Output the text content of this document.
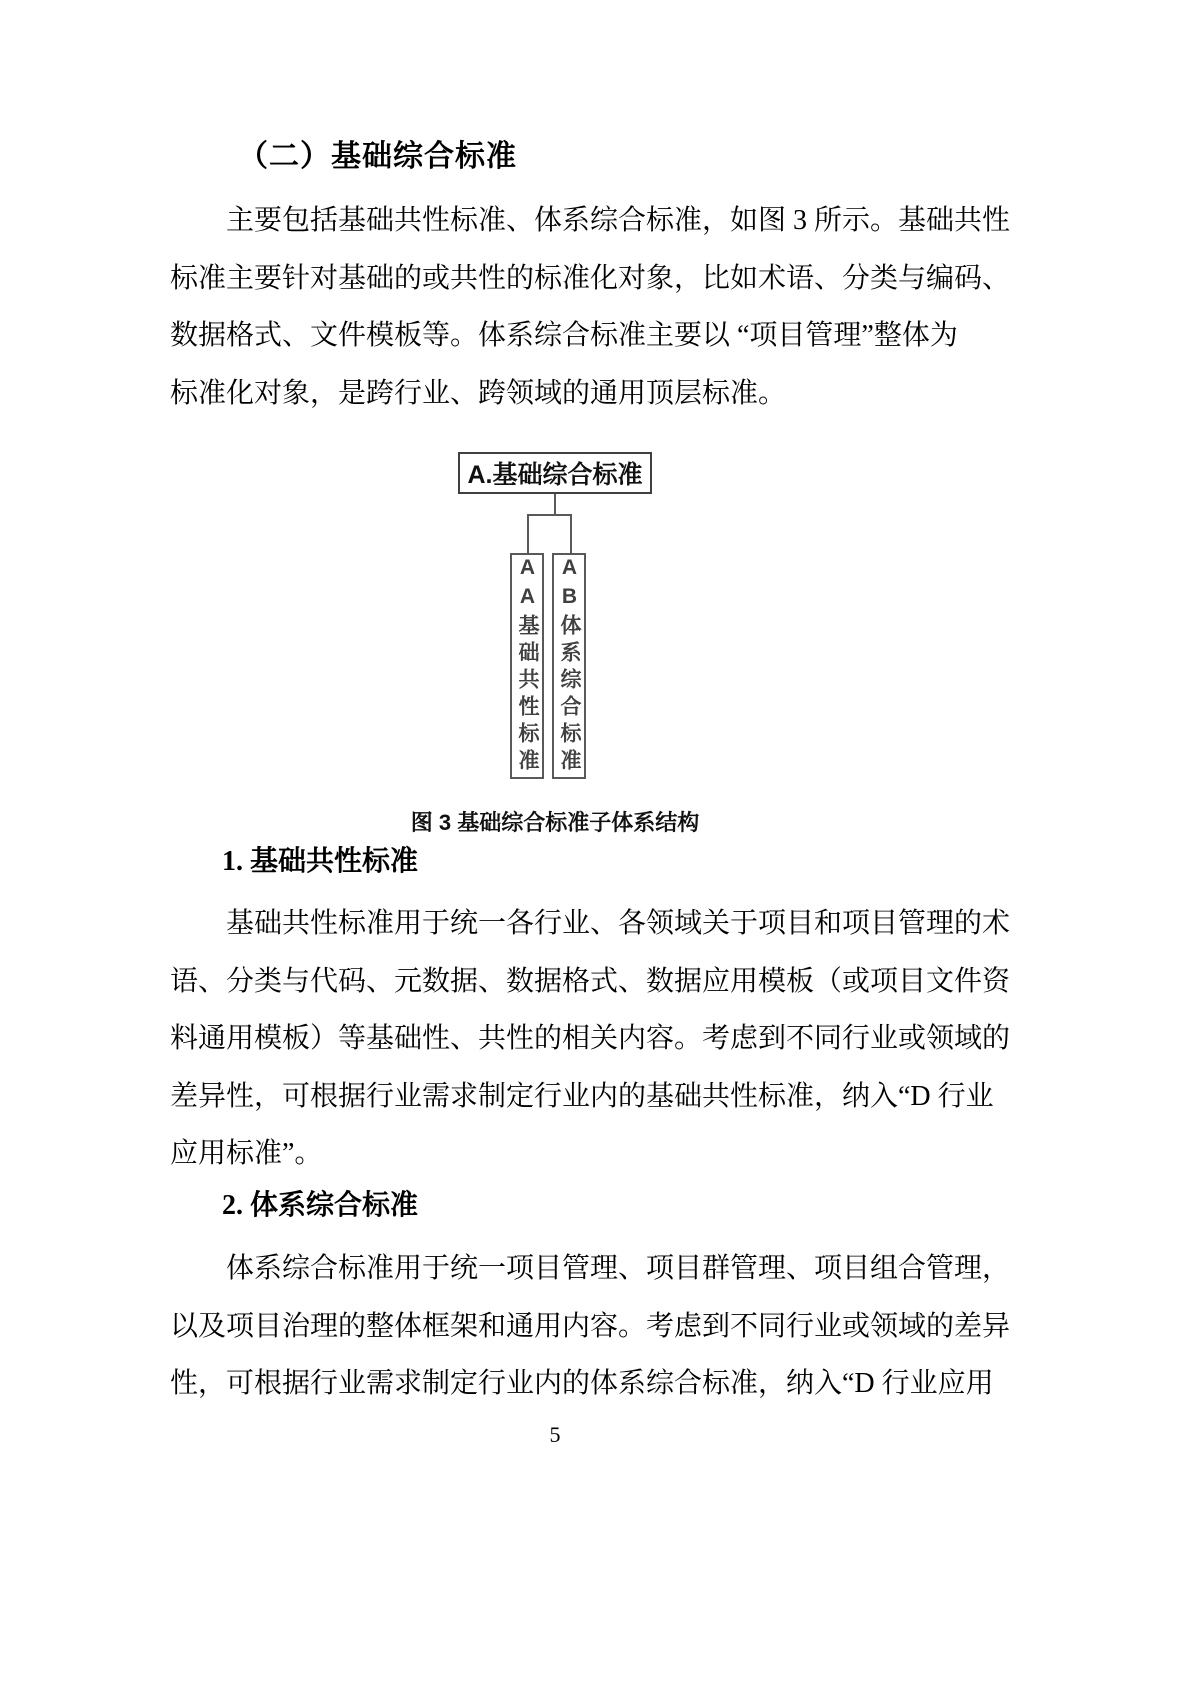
（二）基础综合标准
主要包括基础共性标准、体系综合标准，如图 3 所示。基础共性
标准主要针对基础的或共性的标准化对象，比如术语、分类与编码、
数据格式、文件模板等。体系综合标准主要以 “项目管理”整体为
标准化对象，是跨行业、跨领域的通用顶层标准。
A.基础综合标准
AA基础共性标准 AB体系综合标准
图 3 基础综合标准子体系结构
1. 基础共性标准
基础共性标准用于统一各行业、各领域关于项目和项目管理的术
语、分类与代码、元数据、数据格式、数据应用模板（或项目文件资
料通用模板）等基础性、共性的相关内容。考虑到不同行业或领域的
差异性，可根据行业需求制定行业内的基础共性标准，纳入“D 行业
应用标准”。
2. 体系综合标准
体系综合标准用于统一项目管理、项目群管理、项目组合管理，
以及项目治理的整体框架和通用内容。考虑到不同行业或领域的差异
性，可根据行业需求制定行业内的体系综合标准，纳入“D 行业应用
5
